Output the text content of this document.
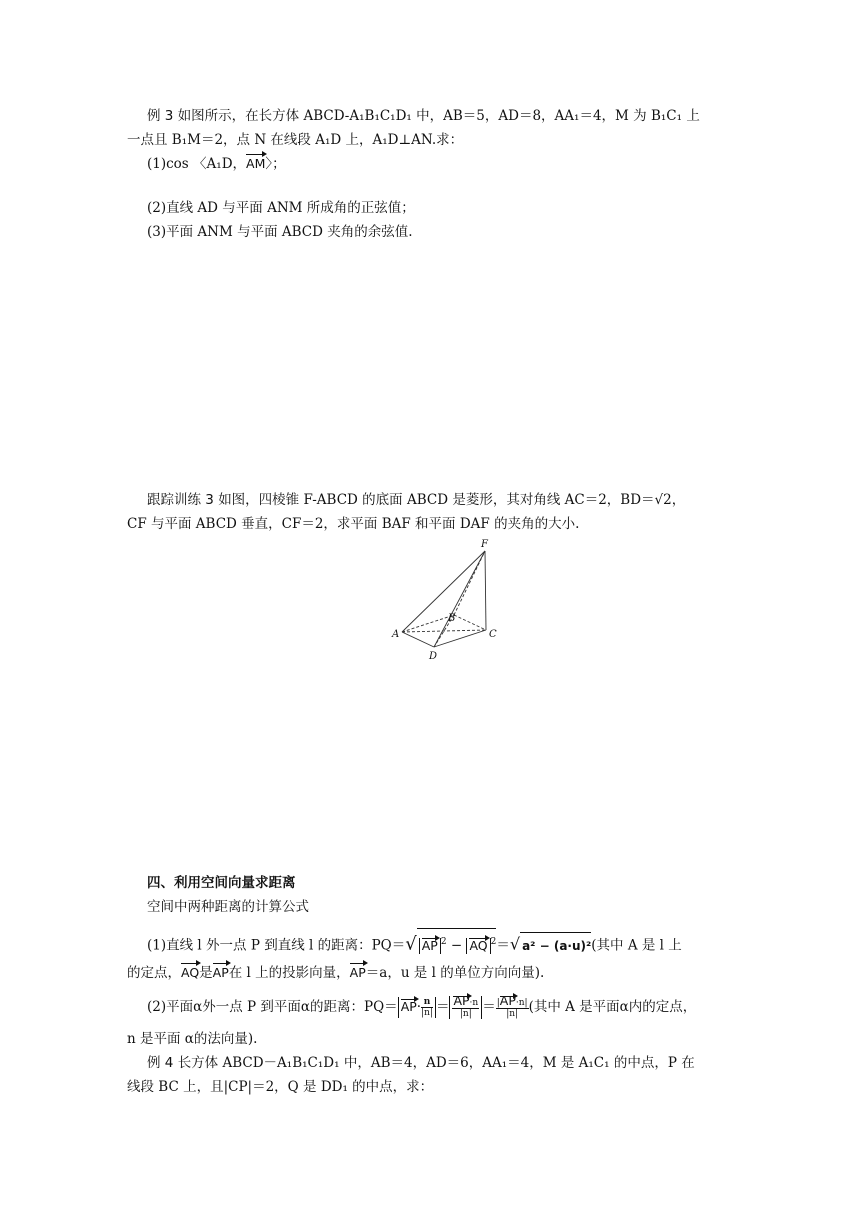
例 3 如图所示，在长方体 ABCD-A₁B₁C₁D₁ 中，AB＝5，AD＝8，AA₁＝4，M 为 B₁C₁ 上
一点且 B₁M＝2，点 N 在线段 A₁D 上，A₁D⊥AN.求：
(1)cos 〈A₁D，AM〉；
(2)直线 AD 与平面 ANM 所成角的正弦值；
(3)平面 ANM 与平面 ABCD 夹角的余弦值.
跟踪训练 3 如图，四棱锥 F-ABCD 的底面 ABCD 是菱形，其对角线 AC＝2，BD＝√2，
CF 与平面 ABCD 垂直，CF＝2，求平面 BAF 和平面 DAF 的夹角的大小.
F
B
A	C
D
四、利用空间向量求距离
空间中两种距离的计算公式
(1)直线 l 外一点 P 到直线 l 的距离：PQ＝√ AP $^2$ − AQ $^2$＝√ a² − (a·u)²(其中 A 是 l 上
的定点，AQ是AP在 l 上的投影向量，AP＝a，u 是 l 的单位方向向量).
(2)平面α外一点 P 到平面α的距离：$PQ= AP\cdot \frac{n}{|n|} = \frac{AP\cdot n}{|n|} = \frac{|AP\cdot n|}{|n|}$ (其中 A 是平面α内的定点，
n 是平面 α的法向量).
例 4 长方体 ABCD－A₁B₁C₁D₁ 中，AB＝4，AD＝6，AA₁＝4，M 是 A₁C₁ 的中点，P 在
线段 BC 上，且|CP|＝2，Q 是 DD₁ 的中点，求：
